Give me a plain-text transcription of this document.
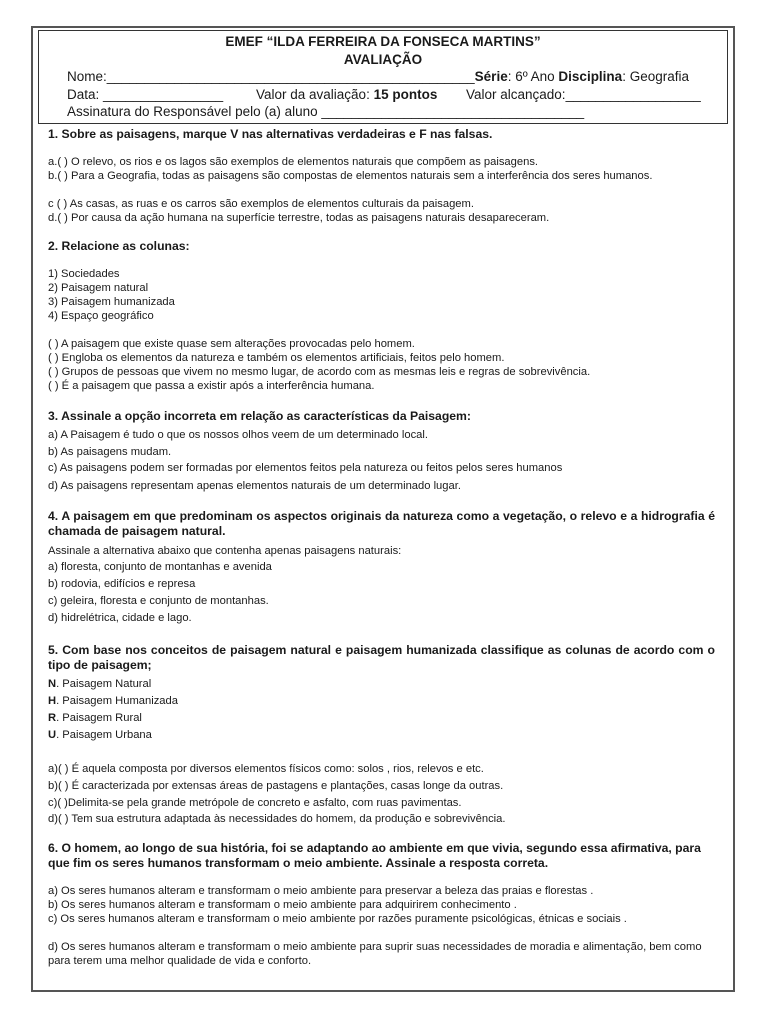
EMEF “ILDA FERREIRA DA FONSECA MARTINS”
AVALIAÇÃO
Nome:_________________________________________________Série: 6º Ano Disciplina: Geografia
Data: ________________ Valor da avaliação: 15 pontos Valor alcançado:__________________
Assinatura do Responsável pelo (a) aluno ___________________________________
1. Sobre as paisagens, marque V nas alternativas verdadeiras e F nas falsas.
a.( ) O relevo, os rios e os lagos são exemplos de elementos naturais que compõem as paisagens.
b.( ) Para a Geografia, todas as paisagens são compostas de elementos naturais sem a interferência dos seres humanos.
c ( ) As casas, as ruas e os carros são exemplos de elementos culturais da paisagem.
d.( ) Por causa da ação humana na superfície terrestre, todas as paisagens naturais desapareceram.
2. Relacione as colunas:
1) Sociedades
2) Paisagem natural
3) Paisagem humanizada
4) Espaço geográfico
( ) A paisagem que existe quase sem alterações provocadas pelo homem.
( ) Engloba os elementos da natureza e também os elementos artificiais, feitos pelo homem.
( ) Grupos de pessoas que vivem no mesmo lugar, de acordo com as mesmas leis e regras de sobrevivência.
( ) É a paisagem que passa a existir após a interferência humana.
3. Assinale a opção incorreta em relação as características da Paisagem:
a) A Paisagem é tudo o que os nossos olhos veem de um determinado local.
b) As paisagens mudam.
c) As paisagens podem ser formadas por elementos feitos pela natureza ou feitos pelos seres humanos
d) As paisagens representam apenas elementos naturais de um determinado lugar.
4. A paisagem em que predominam os aspectos originais da natureza como a vegetação, o relevo e a hidrografia é chamada de paisagem natural.
Assinale a alternativa abaixo que contenha apenas paisagens naturais:
a) floresta, conjunto de montanhas e avenida
b) rodovia, edifícios e represa
c) geleira, floresta e conjunto de montanhas.
d) hidrelétrica, cidade e lago.
5. Com base nos conceitos de paisagem natural e paisagem humanizada classifique as colunas de acordo com o tipo de paisagem;
N. Paisagem Natural
H. Paisagem Humanizada
R. Paisagem Rural
U. Paisagem Urbana
a)( ) É aquela composta por diversos elementos físicos como: solos , rios, relevos e etc.
b)( ) É caracterizada por extensas áreas de pastagens e plantações, casas longe da outras.
c)( )Delimita-se pela grande metrópole de concreto e asfalto, com ruas pavimentas.
d)( ) Tem sua estrutura adaptada às necessidades do homem, da produção e sobrevivência.
6. O homem, ao longo de sua história, foi se adaptando ao ambiente em que vivia, segundo essa afirmativa, para que fim os seres humanos transformam o meio ambiente. Assinale a resposta correta.
a) Os seres humanos alteram e transformam o meio ambiente para preservar a beleza das praias e florestas .
b) Os seres humanos alteram e transformam o meio ambiente para adquirirem conhecimento .
c) Os seres humanos alteram e transformam o meio ambiente por razões puramente psicológicas, étnicas e sociais .
d) Os seres humanos alteram e transformam o meio ambiente para suprir suas necessidades de moradia e alimentação, bem como para terem uma melhor qualidade de vida e conforto.
